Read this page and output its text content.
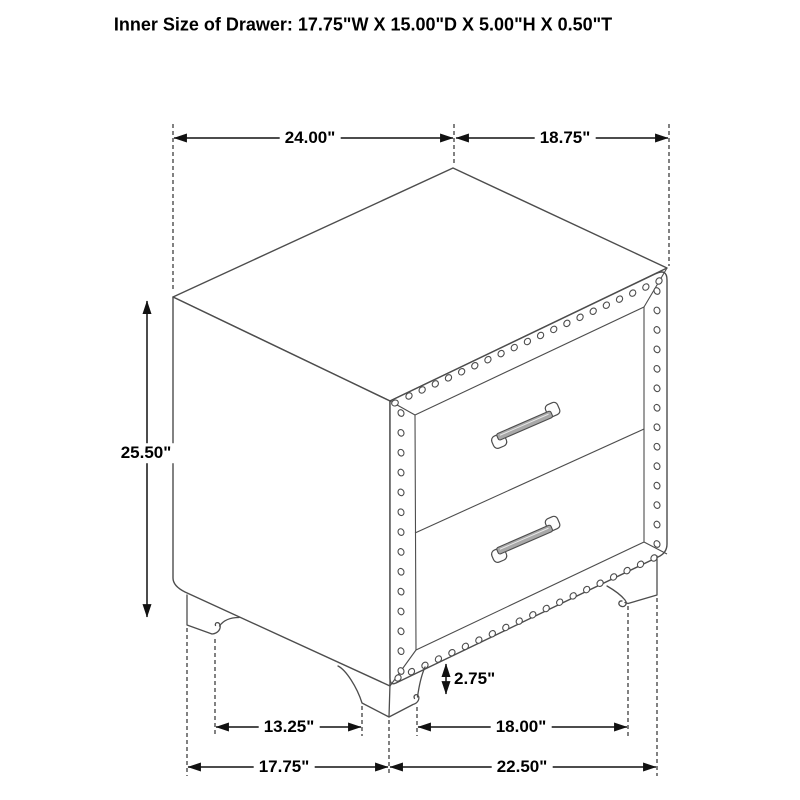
Inner Size of Drawer: 17.75"W X 15.00"D X 5.00"H X 0.50"T
24.00"	18.75"
25.50"
2.75"
13.25"	18.00"
17.75"	22.50"
